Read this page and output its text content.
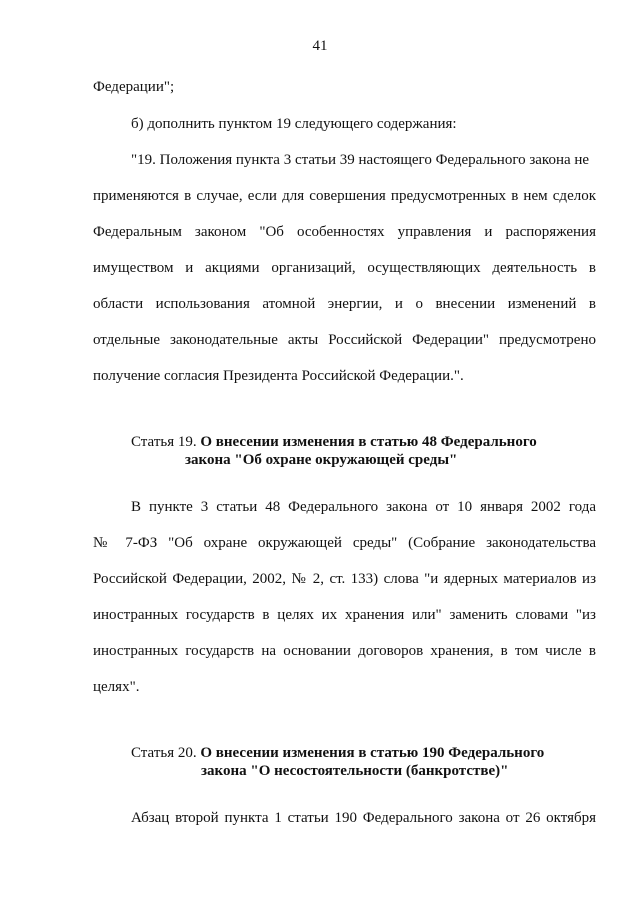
41
Федерации";
б) дополнить пунктом 19 следующего содержания:
"19. Положения пункта 3 статьи 39 настоящего Федерального закона не
применяются в случае, если для совершения предусмотренных в нем сделок
Федеральным законом "Об особенностях управления и распоряжения
имуществом и акциями организаций, осуществляющих деятельность в
области использования атомной энергии, и о внесении изменений в
отдельные законодательные акты Российской Федерации" предусмотрено
получение согласия Президента Российской Федерации.".
Статья 19. О внесении изменения в статью 48 Федерального
закона "Об охране окружающей среды"
В пункте 3 статьи 48 Федерального закона от 10 января 2002 года
№ 7-ФЗ "Об охране окружающей среды" (Собрание законодательства
Российской Федерации, 2002, № 2, ст. 133) слова "и ядерных материалов из
иностранных государств в целях их хранения или" заменить словами "из
иностранных государств на основании договоров хранения, в том числе в
целях".
Статья 20. О внесении изменения в статью 190 Федерального
закона "О несостоятельности (банкротстве)"
Абзац второй пункта 1 статьи 190 Федерального закона от 26 октября
